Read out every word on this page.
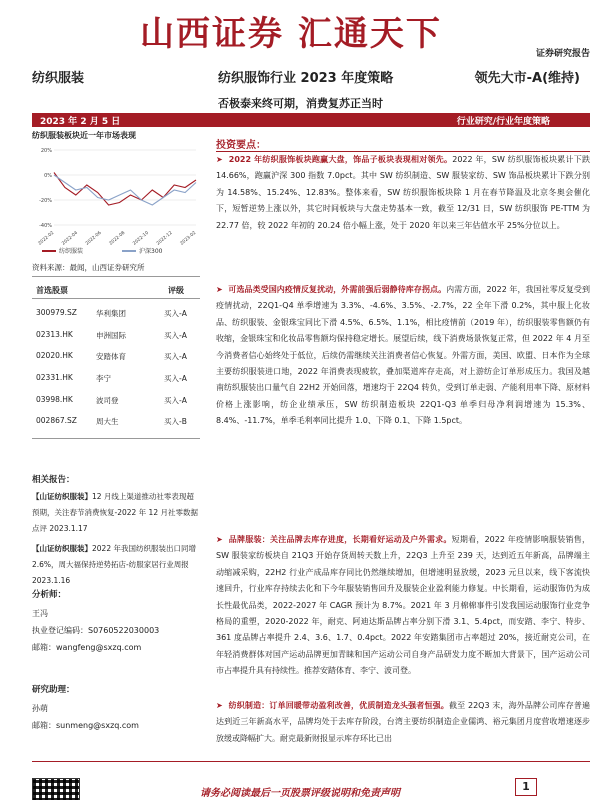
山西证券 汇通天下	证券研究报告
纺织服装	纺织服饰行业 2023 年度策略	领先大市-A(维持)
否极泰来终可期，消费复苏正当时
2023 年 2 月 5 日	行业研究/行业年度策略
纺织服装板块近一年市场表现
-40%
-20%
0%
20%
2022-02 2022-04 2022-06 2022-08 2022-10 2022-12 2023-02
纺织服装	沪深300
资料来源：最闻，山西证券研究所
首选股票	评级
300979.SZ	华利集团	买入-A
02313.HK	申洲国际	买入-A
02020.HK	安踏体育	买入-A
02331.HK	李宁	买入-A
03998.HK	波司登	买入-A
002867.SZ	周大生	买入-B
相关报告：
【山证纺织服装】12 月线上渠道推动社零表现超预期，关注春节消费恢复-2022 年 12 月社零数据点评 2023.1.17
【山证纺织服装】2022 年我国纺织服装出口同增 2.6%，周大福保持逆势拓店-纺服家居行业周报 2023.1.16
分析师：
王冯
执业登记编码：S0760522030003
邮箱：wangfeng@sxzq.com
研究助理：
孙萌
邮箱：sunmeng@sxzq.com
投资要点：
➤  2022 年纺织服饰板块跑赢大盘，饰品子板块表现相对领先。2022 年，SW 纺织服饰板块累计下跌 14.66%，跑赢沪深 300 指数 7.0pct。其中 SW 纺织制造、SW 服装家纺、SW 饰品板块累计下跌分别为 14.58%、15.24%、12.83%。整体来看，SW 纺织服饰板块除 1 月在春节降温及北京冬奥会催化下，短暂逆势上涨以外，其它时间板块与大盘走势基本一致，截至 12/31 日，SW 纺织服饰 PE-TTM 为 22.77 倍，较 2022 年初的 20.24 倍小幅上涨，处于 2020 年以来三年估值水平 25%分位以上。
➤  可选品类受国内疫情反复扰动，外需前强后弱静待库存拐点。内需方面，2022 年，我国社零反复受到疫情扰动，22Q1-Q4 单季增速为 3.3%、-4.6%、3.5%、-2.7%，22 全年下滑 0.2%，其中服上化妆品、纺织服装、金银珠宝同比下滑 4.5%、6.5%、1.1%，相比疫情前（2019 年），纺织服装零售额仍有收缩，金银珠宝和化妆品零售额均保持稳定增长。展望后续，线下消费场景恢复正常，但 2022 年 4 月至今消费者信心始终处于低位，后续仍需继续关注消费者信心恢复。外需方面，美国、欧盟、日本作为全球主要纺织服装进口地，2022 年消费表现疲软，叠加渠道库存走高，对上游纺企订单形成压力。我国及越南纺织服装出口量气自 22H2 开始回落，增速均于 22Q4 转负，受到订单走弱、产能利用率下降、原材料价格上涨影响，纺企业绩承压，SW 纺织制造板块 22Q1-Q3 单季归母净利润增速为 15.3%、8.4%、-11.7%，单季毛利率同比提升 1.0、下降 0.1、下降 1.5pct。
➤  品牌服装：关注品牌去库存进度，长期看好运动及户外需求。短期看，2022 年疫情影响服装销售，SW 服装家纺板块自 21Q3 开始存货周转天数上升，22Q3 上升至 239 天，达到近五年新高，品牌端主动缩减采购，22H2 行业产成品库存同比仍然继续增加，但增速明显放缓，2023 元旦以来，线下客流快速回升，行业库存持续去化和下今年服装销售回升及服装企业盈利能力修复。中长期看，运动服饰仍为成长性最优品类，2022-2027 年 CAGR 预计为 8.7%。2021 年 3 月棉棉事件引发我国运动服饰行业竞争格局的重塑，2020-2022 年，耐克、阿迪达斯品牌占率分别下滑 3.1、5.4pct，而安踏、李宁、特步、361 度品牌占率提升 2.4、3.6、1.7、0.4pct。2022 年安踏集团市占率超过 20%，接近耐克公司，在年轻消费群体对国产运动品牌更加青睐和国产运动公司自身产品研发力度不断加大背景下，国产运动公司市占率提升具有持续性。推荐安踏体育、李宁、波司登。
➤  纺织制造：订单回暖带动盈利改善，优质制造龙头强者恒强。截至 22Q3 末，海外品牌公司库存普遍达到近三年新高水平，品牌均处于去库存阶段，台湾主要纺织制造企业儒鸿、裕元集团月度营收增速逐步放缓或降幅扩大。耐克最新财报显示库存环比已出
请务必阅读最后一页股票评级说明和免责声明
1
